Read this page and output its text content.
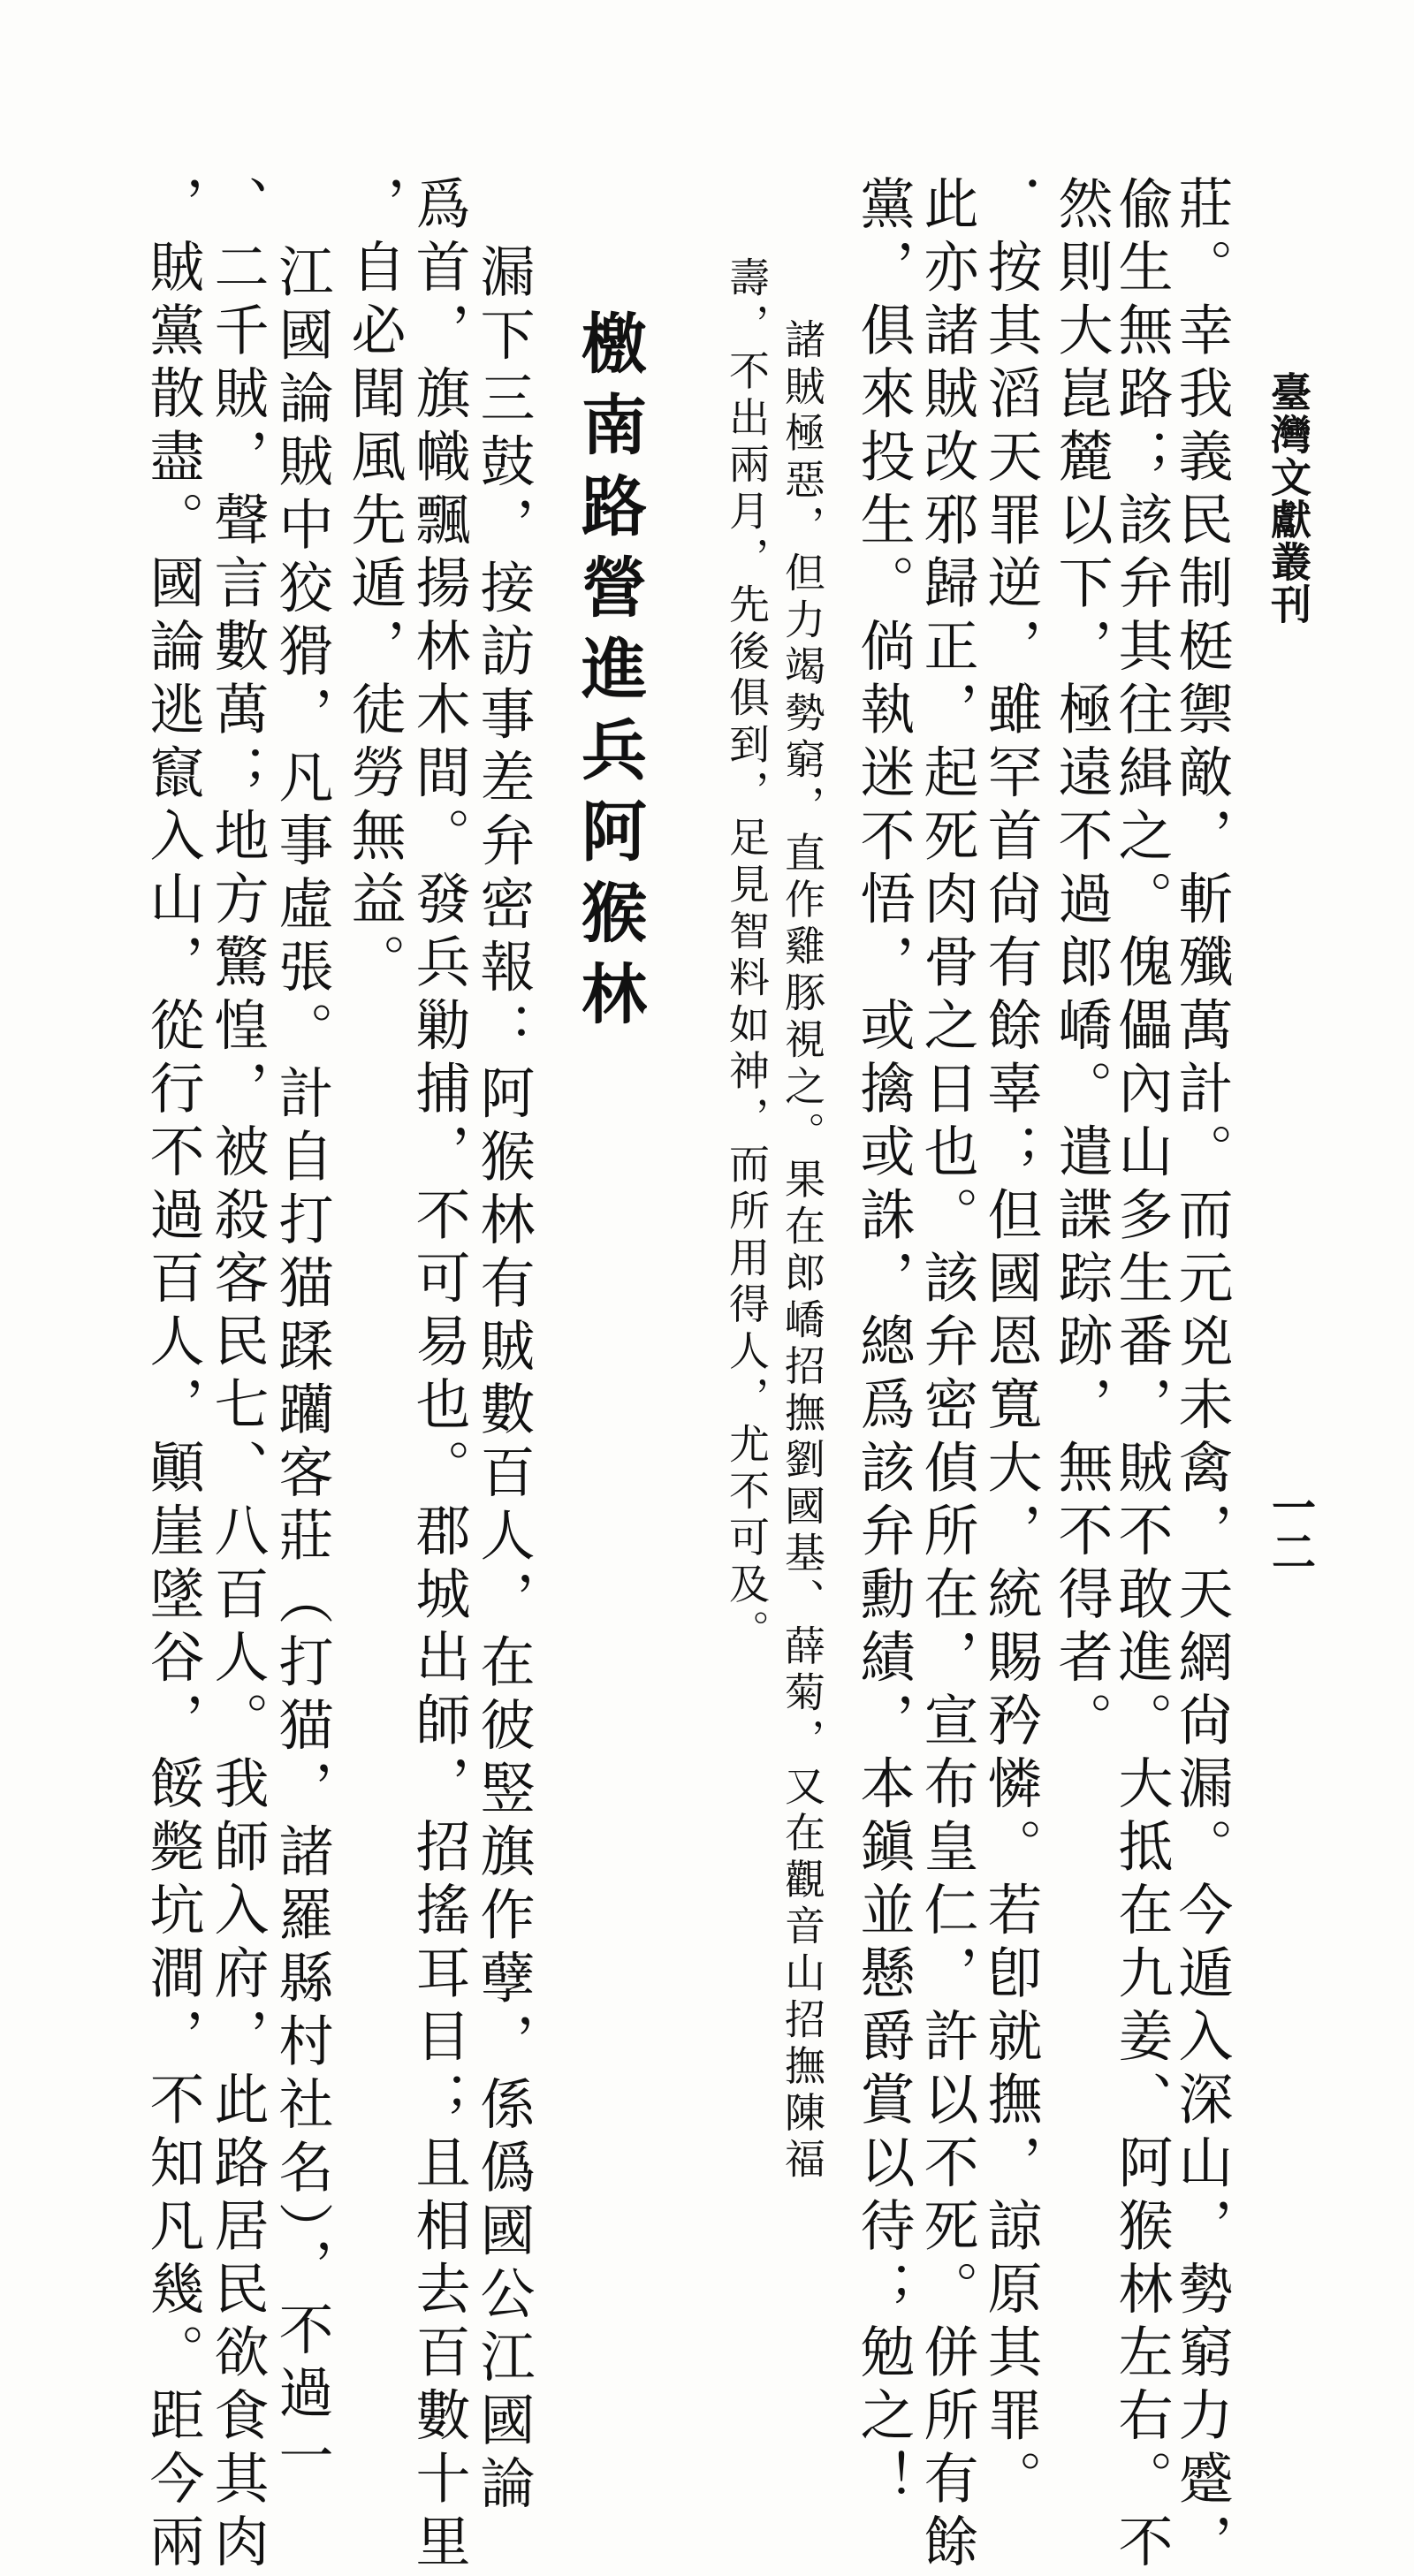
臺灣文獻叢刊
一二
莊。幸我義民制梃禦敵，斬殲萬計。而元兇未禽，天網尙漏。今遁入深山，勢窮力蹙，
偸生無路；該弁其往緝之。傀儡內山多生番，賊不敢進。大抵在九姜、阿猴林左右。不
然則大崑麓以下，極遠不過郎嶠。遣諜踪跡，無不得者。
．按其滔天罪逆，雖罕首尙有餘辜；但國恩寬大，統賜矜憐。若卽就撫，諒原其罪。
此亦諸賊改邪歸正，起死肉骨之日也。該弁密偵所在，宣布皇仁，許以不死。併所有餘
黨，俱來投生。倘執迷不悟，或擒或誅，總爲該弁勳績，本鎭並懸爵賞以待；勉之！
諸賊極惡，但力竭勢窮，直作雞豚視之。果在郎嶠招撫劉國基、薛菊，又在觀音山招撫陳福
壽，不出兩月，先後俱到，足見智料如神，而所用得人，尤不可及。
檄南路營進兵阿猴林
漏下三鼓，接訪事差弁密報：阿猴林有賊數百人，在彼竪旗作孽，係僞國公江國論
爲首，旗幟飄揚林木間。發兵勦捕，不可易也。郡城出師，招搖耳目；且相去百數十里
，自必聞風先遁，徒勞無益。
江國論賊中狡猾，凡事虛張。計自打猫蹂躪客莊（打猫，諸羅縣村社名），不過一
、二千賊，聲言數萬；地方驚惶，被殺客民七、八百人。我師入府，此路居民欲食其肉
，賊黨散盡。國論逃竄入山，從行不過百人，顚崖墜谷，餒斃坑澗，不知凡幾。距今兩
